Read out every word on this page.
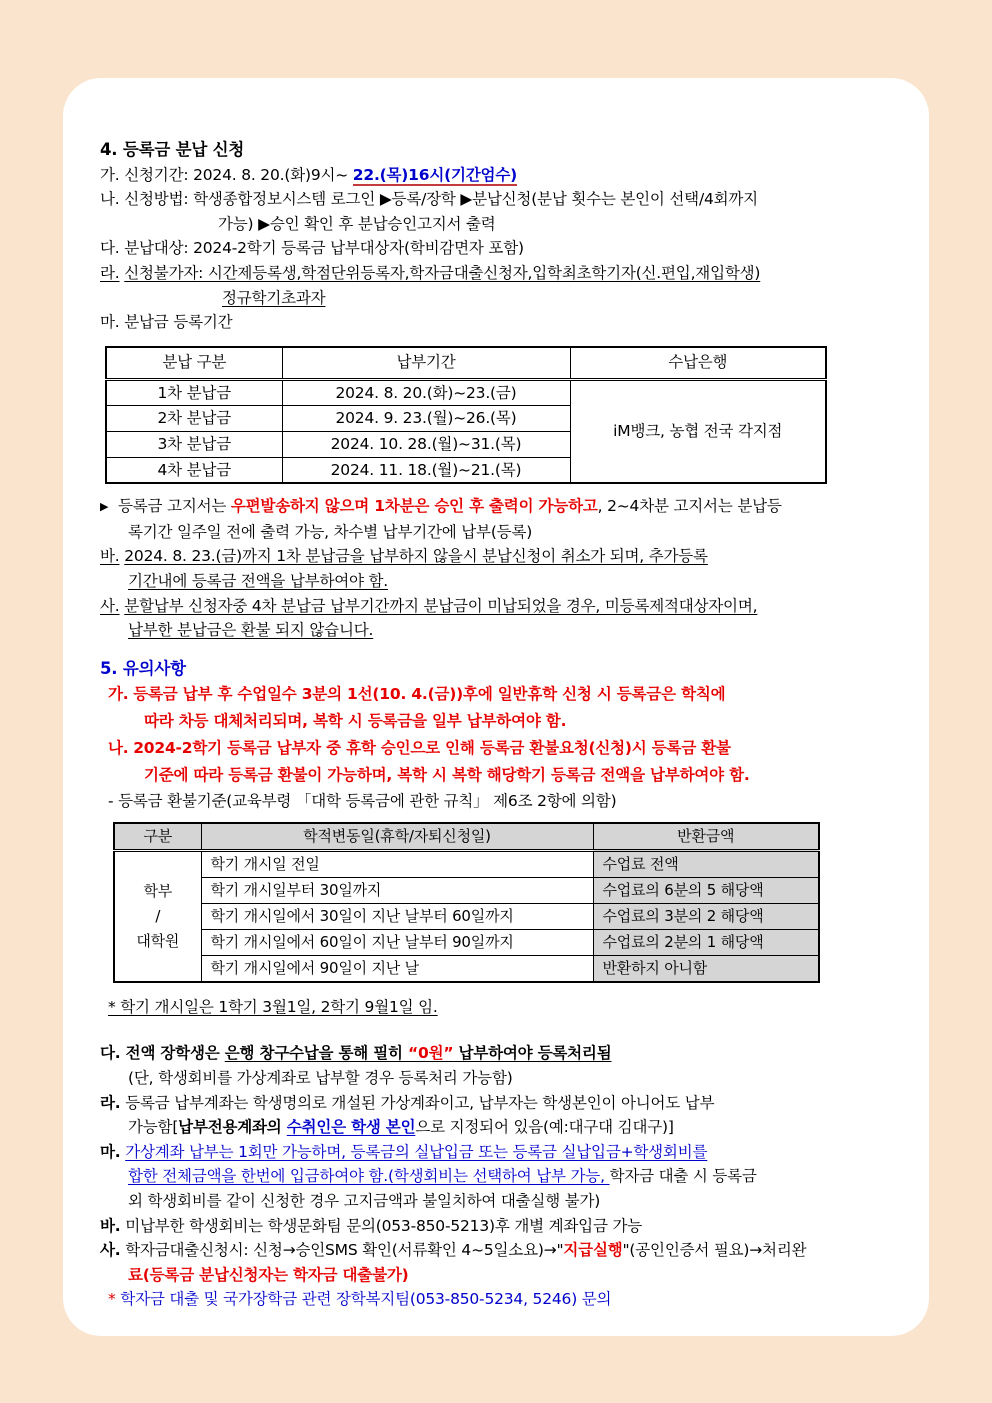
4. 등록금 분납 신청
가. 신청기간: 2024. 8. 20.(화)9시~ 22.(목)16시(기간엄수)
나. 신청방법: 학생종합정보시스템 로그인 ▶등록/장학 ▶분납신청(분납 횟수는 본인이 선택/4회까지
가능) ▶승인 확인 후 분납승인고지서 출력
다. 분납대상: 2024-2학기 등록금 납부대상자(학비감면자 포함)
라. 신청불가자: 시간제등록생,학점단위등록자,학자금대출신청자,입학최초학기자(신.편입,재입학생)
정규학기초과자
마. 분납금 등록기간
분납 구분	납부기간	수납은행
1차 분납금	2024. 8. 20.(화)~23.(금)	iM뱅크, 농협 전국 각지점
2차 분납금	2024. 9. 23.(월)~26.(목)	
3차 분납금	2024. 10. 28.(월)~31.(목)	
4차 분납금	2024. 11. 18.(월)~21.(목)	
▶ 등록금 고지서는 우편발송하지 않으며 1차분은 승인 후 출력이 가능하고, 2~4차분 고지서는 분납등
록기간 일주일 전에 출력 가능, 차수별 납부기간에 납부(등록)
바. 2024. 8. 23.(금)까지 1차 분납금을 납부하지 않을시 분납신청이 취소가 되며, 추가등록
기간내에 등록금 전액을 납부하여야 함.
사. 분할납부 신청자중 4차 분납금 납부기간까지 분납금이 미납되었을 경우, 미등록제적대상자이며,
납부한 분납금은 환불 되지 않습니다.
5. 유의사항
가. 등록금 납부 후 수업일수 3분의 1선(10. 4.(금))후에 일반휴학 신청 시 등록금은 학칙에
따라 차등 대체처리되며, 복학 시 등록금을 일부 납부하여야 함.
나. 2024-2학기 등록금 납부자 중 휴학 승인으로 인해 등록금 환불요청(신청)시 등록금 환불
기준에 따라 등록금 환불이 가능하며, 복학 시 복학 해당학기 등록금 전액을 납부하여야 함.
- 등록금 환불기준(교육부령 「대학 등록금에 관한 규칙」 제6조 2항에 의함)
구분	학적변동일(휴학/자퇴신청일)	반환금액

학부
/
대학원	학기 개시일 전일	수업료 전액
	학기 개시일부터 30일까지	수업료의 6분의 5 해당액
	학기 개시일에서 30일이 지난 날부터 60일까지	수업료의 3분의 2 해당액
	학기 개시일에서 60일이 지난 날부터 90일까지	수업료의 2분의 1 해당액
	학기 개시일에서 90일이 지난 날	반환하지 아니함
* 학기 개시일은 1학기 3월1일, 2학기 9월1일 임.
다. 전액 장학생은 은행 창구수납을 통해 필히 “0원” 납부하여야 등록처리됨
(단, 학생회비를 가상계좌로 납부할 경우 등록처리 가능함)
라. 등록금 납부계좌는 학생명의로 개설된 가상계좌이고, 납부자는 학생본인이 아니어도 납부
가능함[납부전용계좌의 수취인은 학생 본인으로 지정되어 있음(예:대구대 김대구)]
마. 가상계좌 납부는 1회만 가능하며, 등록금의 실납입금 또는 등록금 실납입금+학생회비를
합한 전체금액을 한번에 입금하여야 함.(학생회비는 선택하여 납부 가능, 학자금 대출 시 등록금
외 학생회비를 같이 신청한 경우 고지금액과 불일치하여 대출실행 불가)
바. 미납부한 학생회비는 학생문화팀 문의(053-850-5213)후 개별 계좌입금 가능
사. 학자금대출신청시: 신청→승인SMS 확인(서류확인 4~5일소요)→"지급실행"(공인인증서 필요)→처리완
료(등록금 분납신청자는 학자금 대출불가)
* 학자금 대출 및 국가장학금 관련 장학복지팀(053-850-5234, 5246) 문의
